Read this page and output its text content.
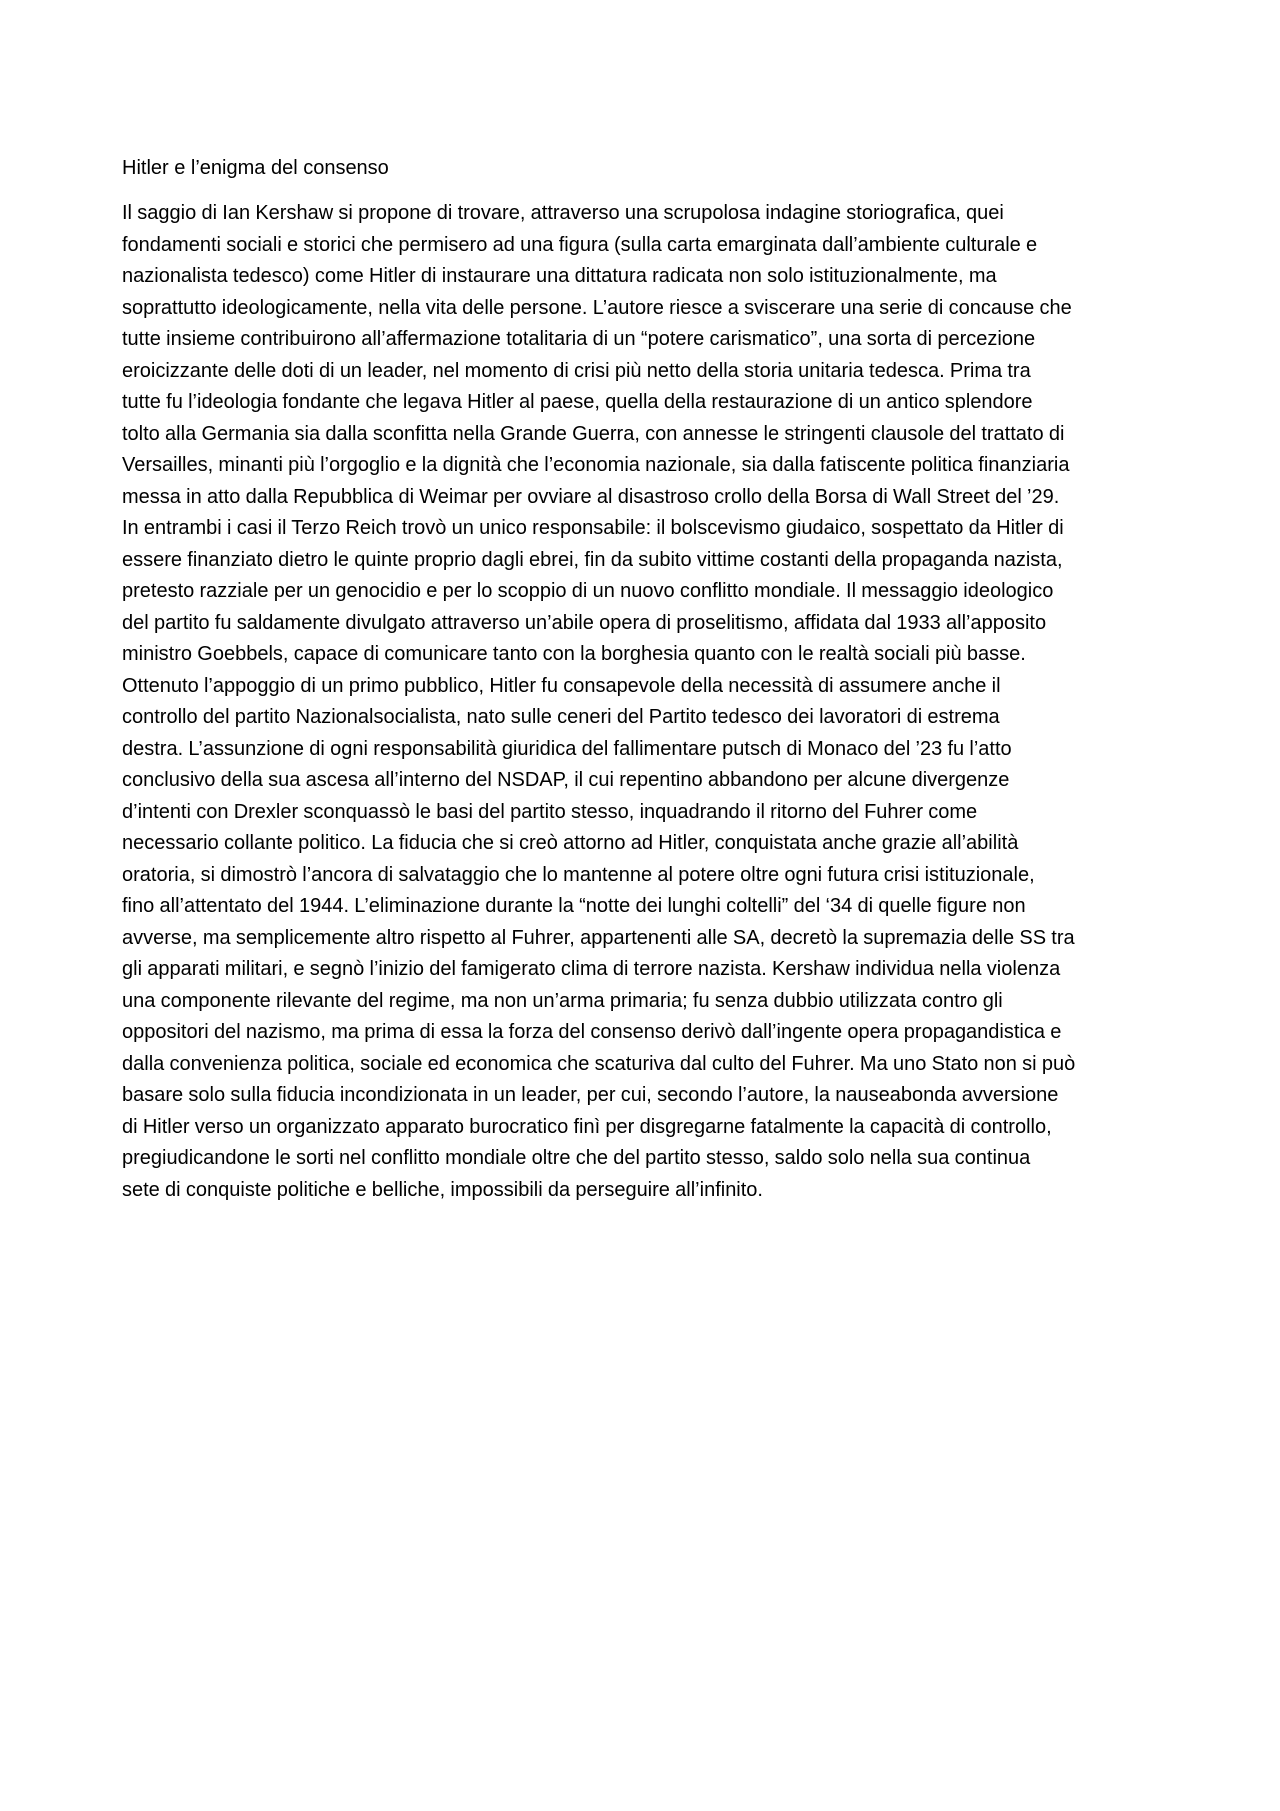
Hitler e l’enigma del consenso

Il saggio di Ian Kershaw si propone di trovare, attraverso una scrupolosa indagine storiografica, quei
fondamenti sociali e storici che permisero ad una figura (sulla carta emarginata dall’ambiente culturale e
nazionalista tedesco) come Hitler di instaurare una dittatura radicata non solo istituzionalmente, ma
soprattutto ideologicamente, nella vita delle persone. L’autore riesce a sviscerare una serie di concause che
tutte insieme contribuirono all’affermazione totalitaria di un “potere carismatico”, una sorta di percezione
eroicizzante delle doti di un leader, nel momento di crisi più netto della storia unitaria tedesca. Prima tra
tutte fu l’ideologia fondante che legava Hitler al paese, quella della restaurazione di un antico splendore
tolto alla Germania sia dalla sconfitta nella Grande Guerra, con annesse le stringenti clausole del trattato di
Versailles, minanti più l’orgoglio e la dignità che l’economia nazionale, sia dalla fatiscente politica finanziaria
messa in atto dalla Repubblica di Weimar per ovviare al disastroso crollo della Borsa di Wall Street del ’29.
In entrambi i casi il Terzo Reich trovò un unico responsabile: il bolscevismo giudaico, sospettato da Hitler di
essere finanziato dietro le quinte proprio dagli ebrei, fin da subito vittime costanti della propaganda nazista,
pretesto razziale per un genocidio e per lo scoppio di un nuovo conflitto mondiale. Il messaggio ideologico
del partito fu saldamente divulgato attraverso un’abile opera di proselitismo, affidata dal 1933 all’apposito
ministro Goebbels, capace di comunicare tanto con la borghesia quanto con le realtà sociali più basse.
Ottenuto l’appoggio di un primo pubblico, Hitler fu consapevole della necessità di assumere anche il
controllo del partito Nazionalsocialista, nato sulle ceneri del Partito tedesco dei lavoratori di estrema
destra. L’assunzione di ogni responsabilità giuridica del fallimentare putsch di Monaco del ’23 fu l’atto
conclusivo della sua ascesa all’interno del NSDAP, il cui repentino abbandono per alcune divergenze
d’intenti con Drexler sconquassò le basi del partito stesso, inquadrando il ritorno del Fuhrer come
necessario collante politico. La fiducia che si creò attorno ad Hitler, conquistata anche grazie all’abilità
oratoria, si dimostrò l’ancora di salvataggio che lo mantenne al potere oltre ogni futura crisi istituzionale,
fino all’attentato del 1944. L’eliminazione durante la “notte dei lunghi coltelli” del ‘34 di quelle figure non
avverse, ma semplicemente altro rispetto al Fuhrer, appartenenti alle SA, decretò la supremazia delle SS tra
gli apparati militari, e segnò l’inizio del famigerato clima di terrore nazista. Kershaw individua nella violenza
una componente rilevante del regime, ma non un’arma primaria; fu senza dubbio utilizzata contro gli
oppositori del nazismo, ma prima di essa la forza del consenso derivò dall’ingente opera propagandistica e
dalla convenienza politica, sociale ed economica che scaturiva dal culto del Fuhrer. Ma uno Stato non si può
basare solo sulla fiducia incondizionata in un leader, per cui, secondo l’autore, la nauseabonda avversione
di Hitler verso un organizzato apparato burocratico finì per disgregarne fatalmente la capacità di controllo,
pregiudicandone le sorti nel conflitto mondiale oltre che del partito stesso, saldo solo nella sua continua
sete di conquiste politiche e belliche, impossibili da perseguire all’infinito.
